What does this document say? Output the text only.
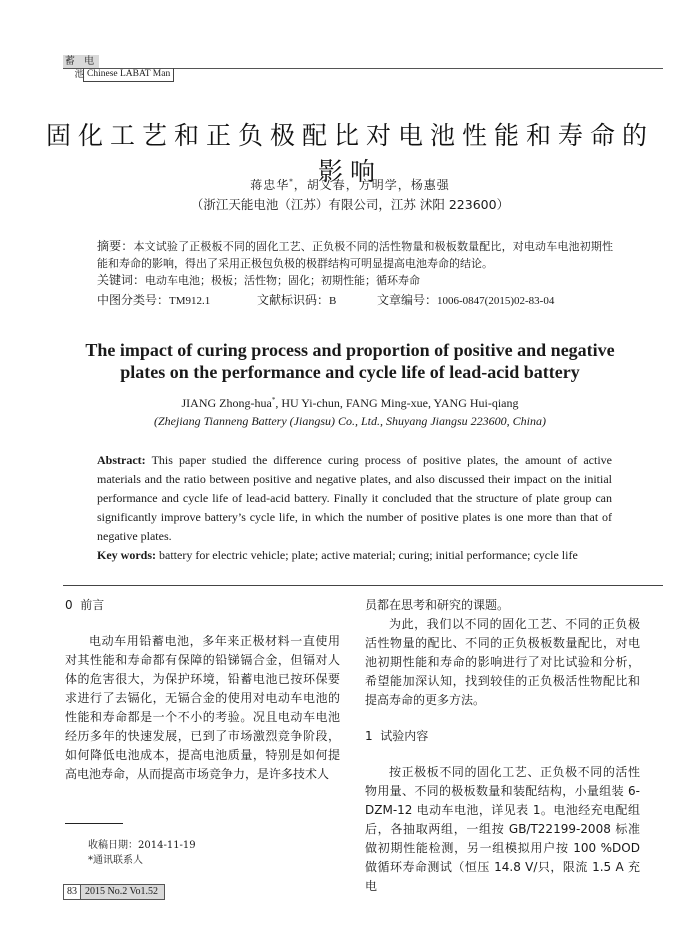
蓄 电 池 Chinese LABAT Man
固化工艺和正负极配比对电池性能和寿命的影响
蒋忠华*，胡义春，方明学，杨惠强
（浙江天能电池（江苏）有限公司，江苏 沭阳 223600）
摘要：本文试验了正极板不同的固化工艺、正负极不同的活性物量和极板数量配比，对电动车电池初期性能和寿命的影响，得出了采用正极包负极的极群结构可明显提高电池寿命的结论。
关键词：电动车电池；极板；活性物；固化；初期性能；循环寿命
中图分类号：TM912.1	文献标识码：B	文章编号：1006-0847(2015)02-83-04
The impact of curing process and proportion of positive and negative plates on the performance and cycle life of lead-acid battery
JIANG Zhong-hua*, HU Yi-chun, FANG Ming-xue, YANG Hui-qiang
(Zhejiang Tianneng Battery (Jiangsu) Co., Ltd., Shuyang Jiangsu 223600, China)
Abstract: This paper studied the difference curing process of positive plates, the amount of active materials and the ratio between positive and negative plates, and also discussed their impact on the initial performance and cycle life of lead-acid battery. Finally it concluded that the structure of plate group can significantly improve battery’s cycle life, in which the number of positive plates is one more than that of negative plates.
Key words: battery for electric vehicle; plate; active material; curing; initial performance; cycle life
0 前言

电动车用铅蓄电池，多年来正极材料一直使用对其性能和寿命都有保障的铅锑镉合金，但镉对人体的危害很大，为保护环境，铅蓄电池已按环保要求进行了去镉化，无镉合金的使用对电动车电池的性能和寿命都是一个不小的考验。况且电动车电池经历多年的快速发展，已到了市场激烈竞争阶段，如何降低电池成本，提高电池质量，特别是如何提高电池寿命，从而提高市场竞争力，是许多技术人

员都在思考和研究的课题。

为此，我们以不同的固化工艺、不同的正负极活性物量的配比、不同的正负极板数量配比，对电池初期性能和寿命的影响进行了对比试验和分析，希望能加深认知，找到较佳的正负极活性物配比和提高寿命的更多方法。

1 试验内容

按正极板不同的固化工艺、正负极不同的活性物用量、不同的极板数量和装配结构，小量组装 6-DZM-12 电动车电池，详见表 1。电池经充电配组后，各抽取两组，一组按 GB/T22199-2008 标准做初期性能检测，另一组模拟用户按 100 %DOD 做循环寿命测试（恒压 14.8 V/只，限流 1.5 A 充电

收稿日期：2014-11-19
*通讯联系人
83 2015 No.2 Vo1.52
